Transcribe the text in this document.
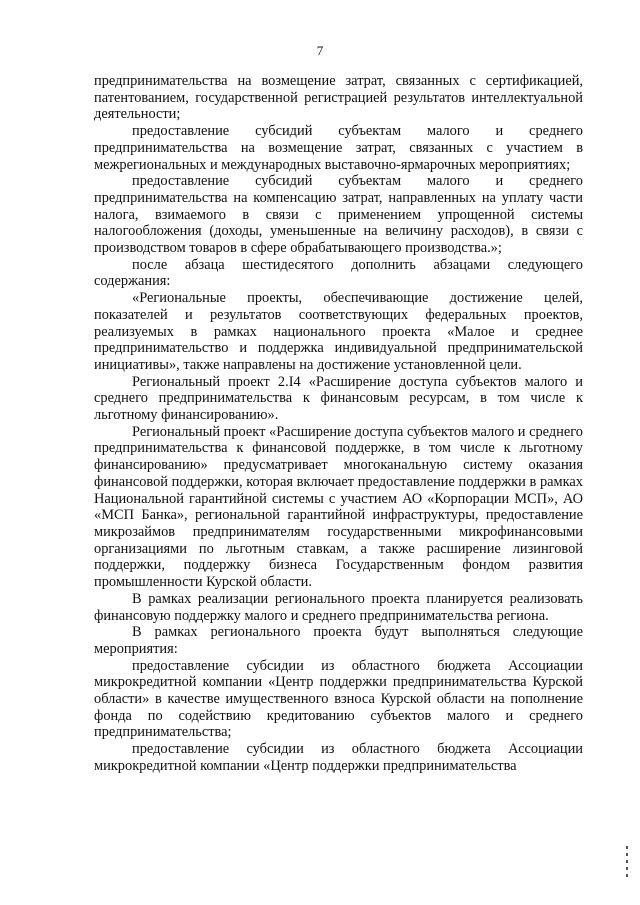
7

предпринимательства на возмещение затрат, связанных с сертификацией, патентованием, государственной регистрацией результатов интеллектуальной деятельности;

предоставление субсидий субъектам малого и среднего предпринимательства на возмещение затрат, связанных с участием в межрегиональных и международных выставочно-ярмарочных мероприятиях;

предоставление субсидий субъектам малого и среднего предпринимательства на компенсацию затрат, направленных на уплату части налога, взимаемого в связи с применением упрощенной системы налогообложения (доходы, уменьшенные на величину расходов), в связи с производством товаров в сфере обрабатывающего производства.»;

после абзаца шестидесятого дополнить абзацами следующего содержания:

«Региональные проекты, обеспечивающие достижение целей, показателей и результатов соответствующих федеральных проектов, реализуемых в рамках национального проекта «Малое и среднее предпринимательство и поддержка индивидуальной предпринимательской инициативы», также направлены на достижение установленной цели.

Региональный проект 2.I4 «Расширение доступа субъектов малого и среднего предпринимательства к финансовым ресурсам, в том числе к льготному финансированию».

Региональный проект «Расширение доступа субъектов малого и среднего предпринимательства к финансовой поддержке, в том числе к льготному финансированию» предусматривает многоканальную систему оказания финансовой поддержки, которая включает предоставление поддержки в рамках Национальной гарантийной системы с участием АО «Корпорации МСП», АО «МСП Банка», региональной гарантийной инфраструктуры, предоставление микрозаймов предпринимателям государственными микрофинансовыми организациями по льготным ставкам, а также расширение лизинговой поддержки, поддержку бизнеса Государственным фондом развития промышленности Курской области.

В рамках реализации регионального проекта планируется реализовать финансовую поддержку малого и среднего предпринимательства региона.

В рамках регионального проекта будут выполняться следующие мероприятия:

предоставление субсидии из областного бюджета Ассоциации микрокредитной компании «Центр поддержки предпринимательства Курской области» в качестве имущественного взноса Курской области на пополнение фонда по содействию кредитованию субъектов малого и среднего предпринимательства;

предоставление субсидии из областного бюджета Ассоциации микрокредитной компании «Центр поддержки предпринимательства
